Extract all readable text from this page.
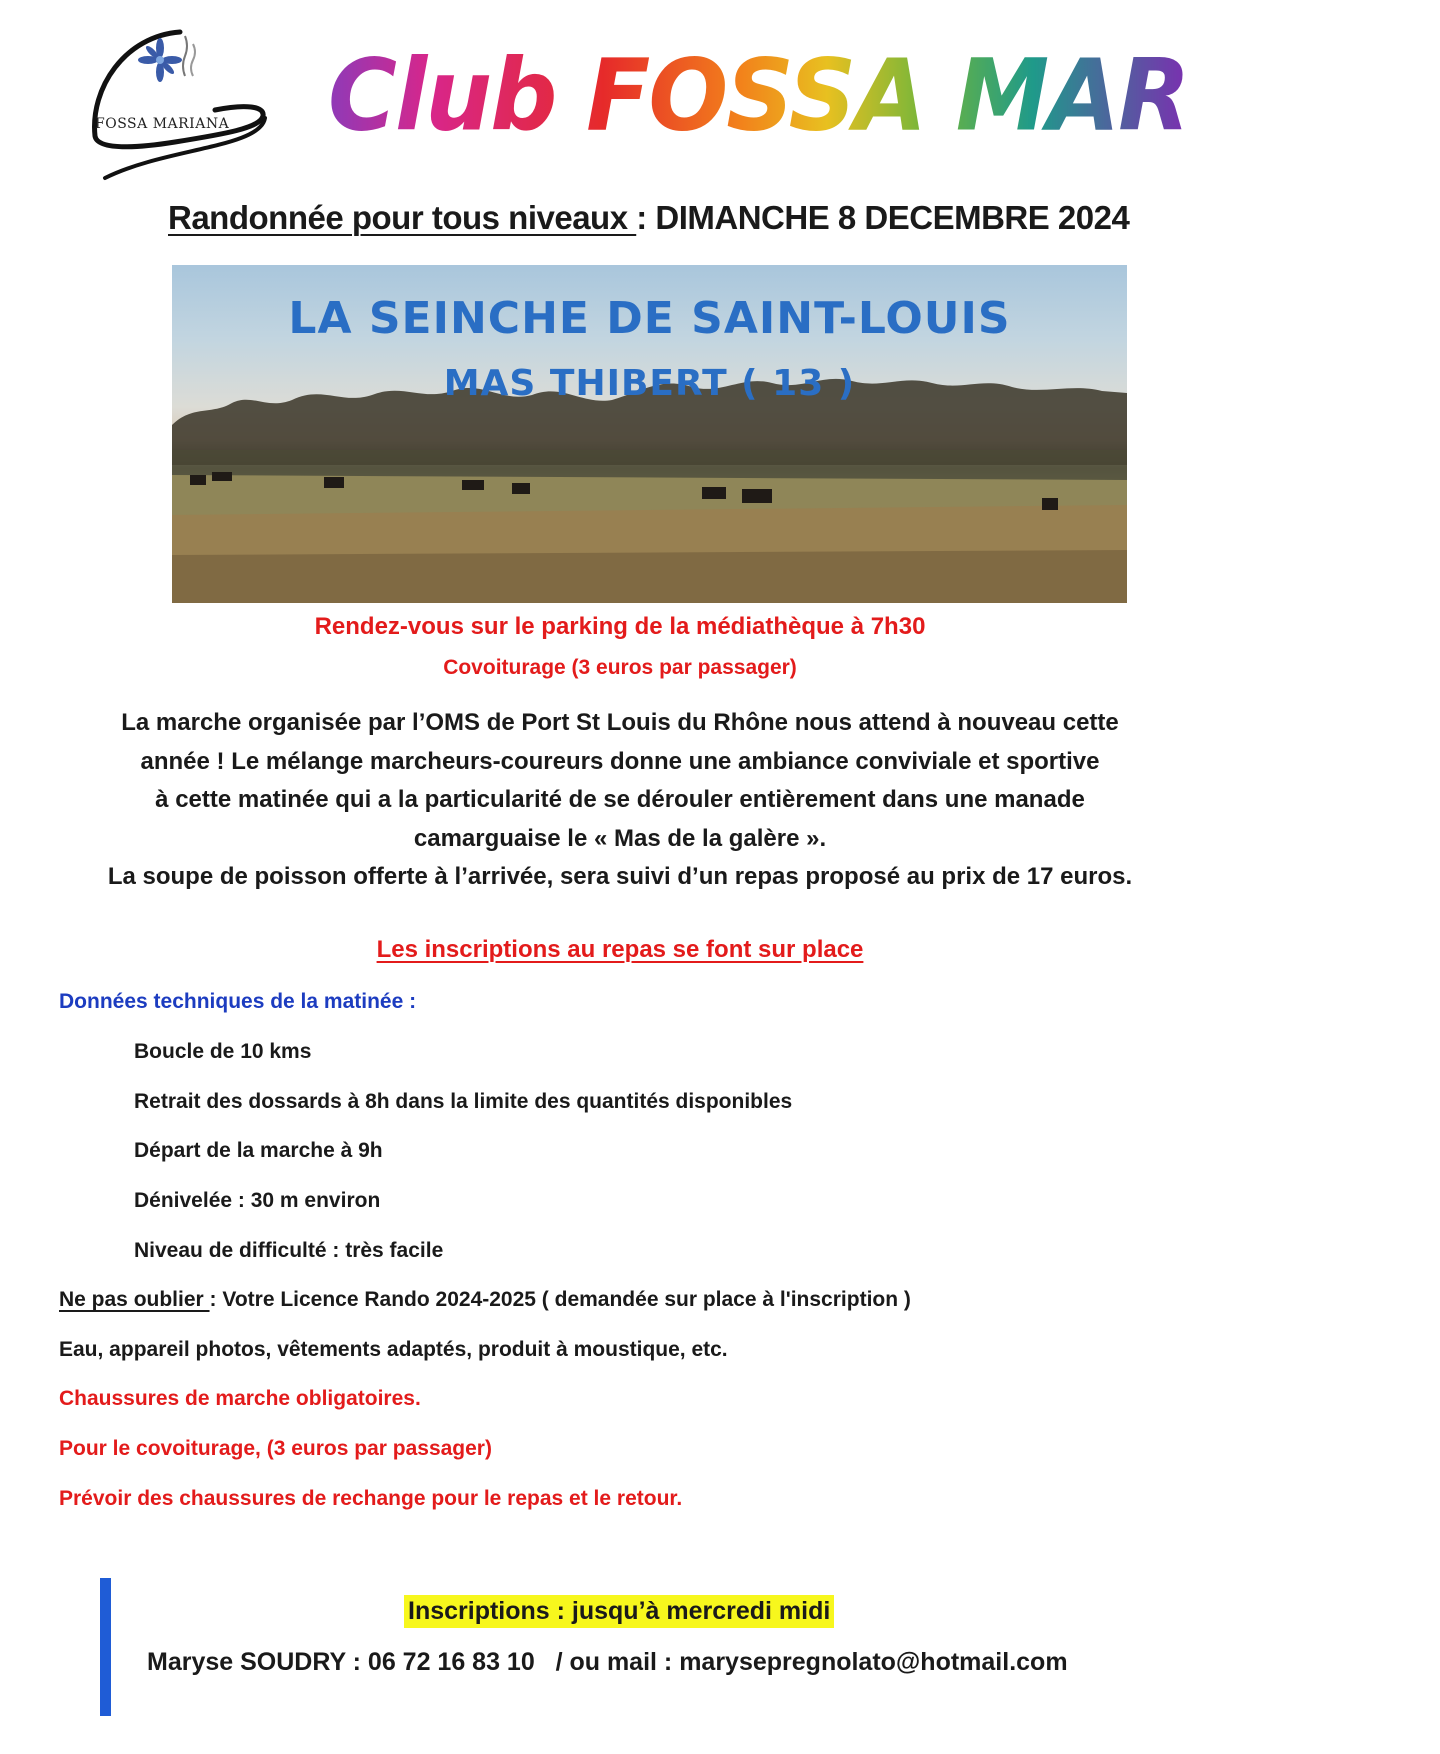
FOSSA MARIANA	Club FOSSA MARIANA
Randonnée pour tous niveaux : DIMANCHE 8 DECEMBRE 2024
LA SEINCHE DE SAINT-LOUIS
MAS THIBERT ( 13 )
Rendez-vous sur le parking de la médiathèque à 7h30
Covoiturage (3 euros par passager)
La marche organisée par l’OMS de Port St Louis du Rhône nous attend à nouveau cette
année ! Le mélange marcheurs-coureurs donne une ambiance conviviale et sportive
à cette matinée qui a la particularité de se dérouler entièrement dans une manade
camarguaise le « Mas de la galère ».
La soupe de poisson offerte à l’arrivée, sera suivi d’un repas proposé au prix de 17 euros.
Les inscriptions au repas se font sur place
Données techniques de la matinée :
Boucle de 10 kms
Retrait des dossards à 8h dans la limite des quantités disponibles
Départ de la marche à 9h
Dénivelée : 30 m environ
Niveau de difficulté : très facile
Ne pas oublier : Votre Licence Rando 2024-2025 ( demandée sur place à l'inscription )
Eau, appareil photos, vêtements adaptés, produit à moustique, etc.
Chaussures de marche obligatoires.
Pour le covoiturage, (3 euros par passager)
Prévoir des chaussures de rechange pour le repas et le retour.
Inscriptions : jusqu’à mercredi midi
Maryse SOUDRY : 06 72 16 83 10   / ou mail : marysepregnolato@hotmail.com
